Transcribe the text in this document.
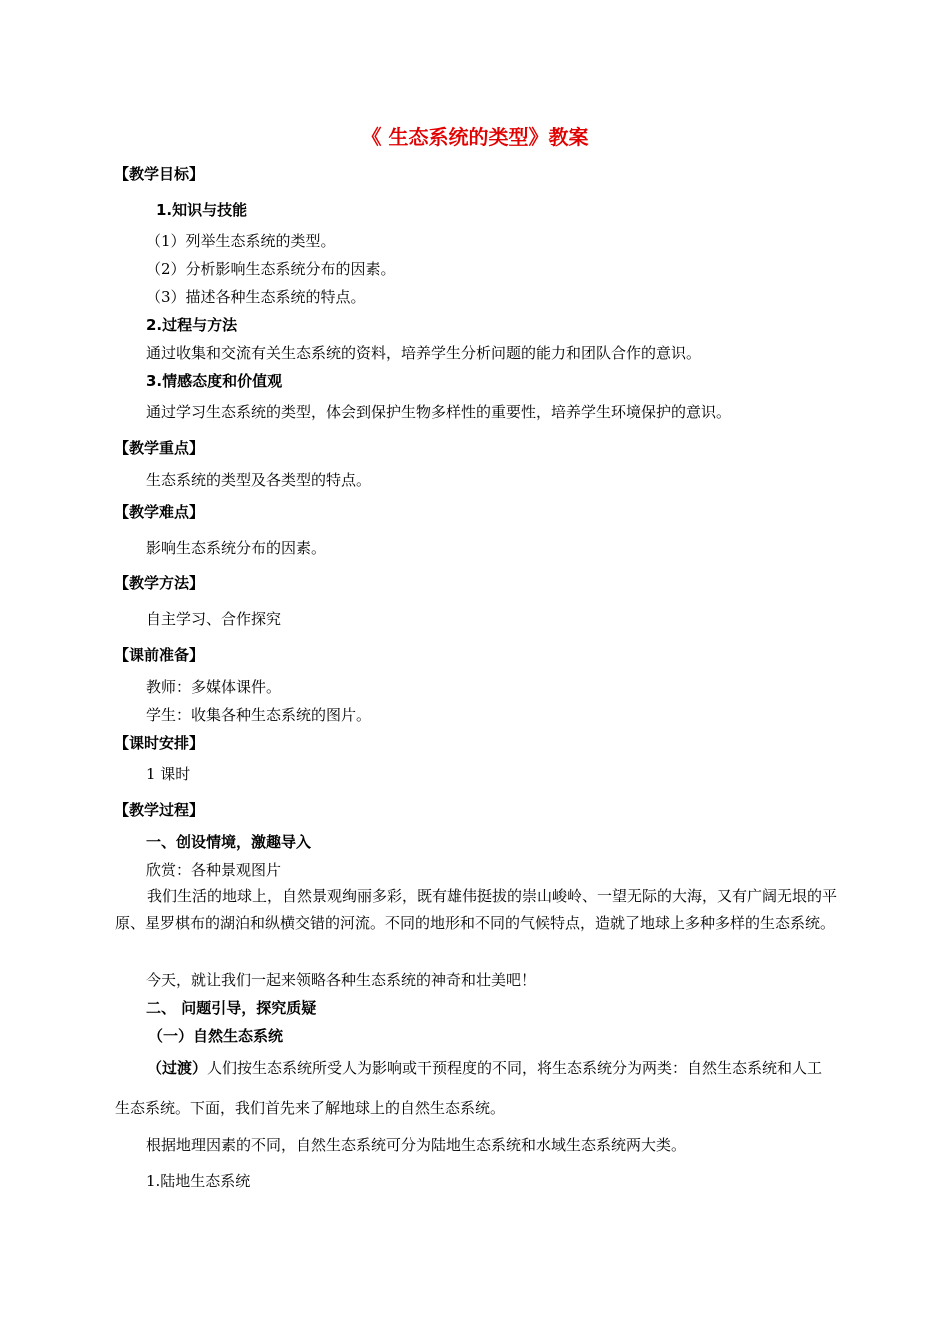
《 生态系统的类型》教案
【教学目标】
1.知识与技能
（1）列举生态系统的类型。
（2）分析影响生态系统分布的因素。
（3）描述各种生态系统的特点。
2.过程与方法
通过收集和交流有关生态系统的资料，培养学生分析问题的能力和团队合作的意识。
3.情感态度和价值观
通过学习生态系统的类型，体会到保护生物多样性的重要性，培养学生环境保护的意识。
【教学重点】
生态系统的类型及各类型的特点。
【教学难点】
影响生态系统分布的因素。
【教学方法】
自主学习、合作探究
【课前准备】
教师：多媒体课件。
学生：收集各种生态系统的图片。
【课时安排】
1 课时
【教学过程】
一、创设情境，激趣导入
欣赏：各种景观图片
我们生活的地球上，自然景观绚丽多彩，既有雄伟挺拔的崇山峻岭、一望无际的大海，又有广阔无垠的平原、星罗棋布的湖泊和纵横交错的河流。不同的地形和不同的气候特点，造就了地球上多种多样的生态系统。
今天，就让我们一起来领略各种生态系统的神奇和壮美吧！
二、 问题引导，探究质疑
（一）自然生态系统
（过渡）人们按生态系统所受人为影响或干预程度的不同，将生态系统分为两类：自然生态系统和人工生态系统。下面，我们首先来了解地球上的自然生态系统。
根据地理因素的不同，自然生态系统可分为陆地生态系统和水域生态系统两大类。
1.陆地生态系统
